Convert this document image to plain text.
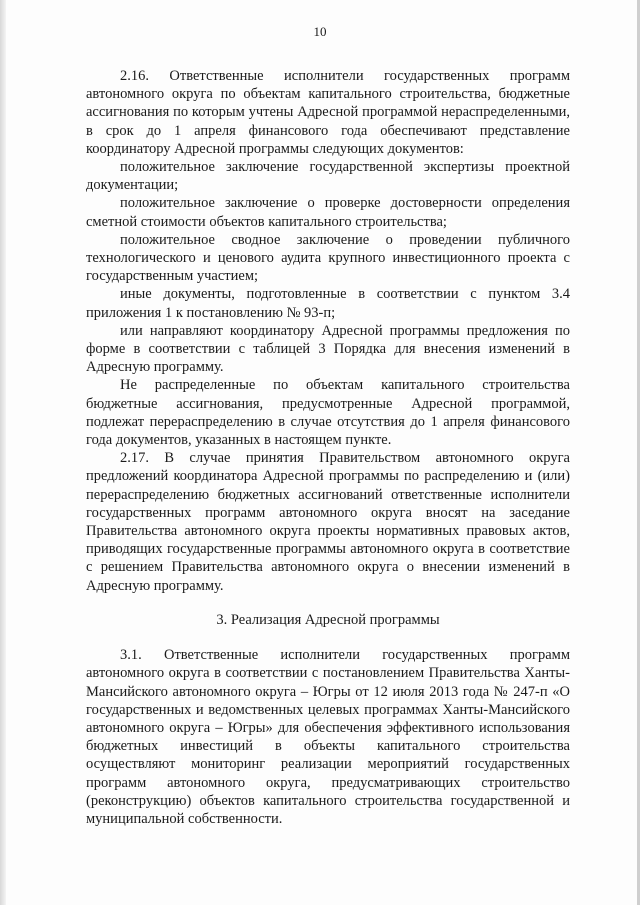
10

2.16. Ответственные исполнители государственных программ автономного округа по объектам капитального строительства, бюджетные ассигнования по которым учтены Адресной программой нераспределенными, в срок до 1 апреля финансового года обеспечивают представление координатору Адресной программы следующих документов:

положительное заключение государственной экспертизы проектной документации;

положительное заключение о проверке достоверности определения сметной стоимости объектов капитального строительства;

положительное сводное заключение о проведении публичного технологического и ценового аудита крупного инвестиционного проекта с государственным участием;

иные документы, подготовленные в соответствии с пунктом 3.4 приложения 1 к постановлению № 93-п;

или направляют координатору Адресной программы предложения по форме в соответствии с таблицей 3 Порядка для внесения изменений в Адресную программу.

Не распределенные по объектам капитального строительства бюджетные ассигнования, предусмотренные Адресной программой, подлежат перераспределению в случае отсутствия до 1 апреля финансового года документов, указанных в настоящем пункте.

2.17. В случае принятия Правительством автономного округа предложений координатора Адресной программы по распределению и (или) перераспределению бюджетных ассигнований ответственные исполнители государственных программ автономного округа вносят на заседание Правительства автономного округа проекты нормативных правовых актов, приводящих государственные программы автономного округа в соответствие с решением Правительства автономного округа о внесении изменений в Адресную программу.

3. Реализация Адресной программы

3.1. Ответственные исполнители государственных программ автономного округа в соответствии с постановлением Правительства Ханты-Мансийского автономного округа – Югры от 12 июля 2013 года № 247-п «О государственных и ведомственных целевых программах Ханты-Мансийского автономного округа – Югры» для обеспечения эффективного использования бюджетных инвестиций в объекты капитального строительства осуществляют мониторинг реализации мероприятий государственных программ автономного округа, предусматривающих строительство (реконструкцию) объектов капитального строительства государственной и муниципальной собственности.
